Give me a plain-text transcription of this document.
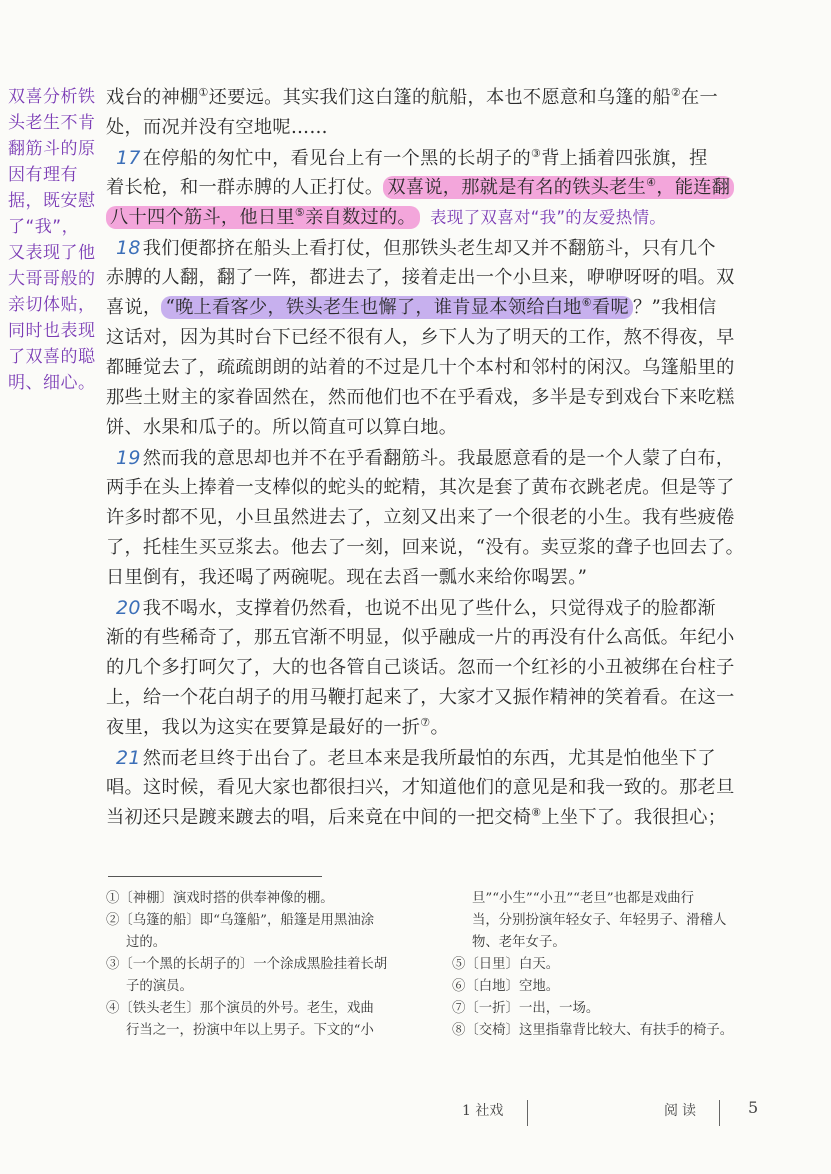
双喜分析铁
头老生不肯
翻筋斗的原
因有理有
据，既安慰
了“我”，
又表现了他
大哥哥般的
亲切体贴，
同时也表现
了双喜的聪
明、细心。
戏台的神棚①还要远。其实我们这白篷的航船，本也不愿意和乌篷的船②在一
处，而况并没有空地呢……
17 在停船的匆忙中，看见台上有一个黑的长胡子的③背上插着四张旗，捏
着长枪，和一群赤膊的人正打仗。 双喜说，那就是有名的铁头老生④，能连翻
八十四个筋斗，他日里⑤亲自数过的。 表现了双喜对“我”的友爱热情。
18 我们便都挤在船头上看打仗，但那铁头老生却又并不翻筋斗，只有几个
赤膊的人翻，翻了一阵，都进去了，接着走出一个小旦来，咿咿呀呀的唱。双
喜说， “晚上看客少，铁头老生也懈了，谁肯显本领给白地⑥看呢 ？”我相信
这话对，因为其时台下已经不很有人，乡下人为了明天的工作，熬不得夜，早
都睡觉去了，疏疏朗朗的站着的不过是几十个本村和邻村的闲汉。乌篷船里的
那些土财主的家眷固然在，然而他们也不在乎看戏，多半是专到戏台下来吃糕
饼、水果和瓜子的。所以简直可以算白地。
19 然而我的意思却也并不在乎看翻筋斗。我最愿意看的是一个人蒙了白布，
两手在头上捧着一支棒似的蛇头的蛇精，其次是套了黄布衣跳老虎。但是等了
许多时都不见，小旦虽然进去了，立刻又出来了一个很老的小生。我有些疲倦
了，托桂生买豆浆去。他去了一刻，回来说，“没有。卖豆浆的聋子也回去了。
日里倒有，我还喝了两碗呢。现在去舀一瓢水来给你喝罢。”
20 我不喝水，支撑着仍然看，也说不出见了些什么，只觉得戏子的脸都渐
渐的有些稀奇了，那五官渐不明显，似乎融成一片的再没有什么高低。年纪小
的几个多打呵欠了，大的也各管自己谈话。忽而一个红衫的小丑被绑在台柱子
上，给一个花白胡子的用马鞭打起来了，大家才又振作精神的笑着看。在这一
夜里，我以为这实在要算是最好的一折⑦。
21 然而老旦终于出台了。老旦本来是我所最怕的东西，尤其是怕他坐下了
唱。这时候，看见大家也都很扫兴，才知道他们的意见是和我一致的。那老旦
当初还只是踱来踱去的唱，后来竟在中间的一把交椅⑧上坐下了。我很担心；
①〔神棚〕演戏时搭的供奉神像的棚。
②〔乌篷的船〕即“乌篷船”，船篷是用黑油涂
过的。
③〔一个黑的长胡子的〕一个涂成黑脸挂着长胡
子的演员。
④〔铁头老生〕那个演员的外号。老生，戏曲
行当之一，扮演中年以上男子。下文的“小
旦”“小生”“小丑”“老旦”也都是戏曲行
当，分别扮演年轻女子、年轻男子、滑稽人
物、老年女子。
⑤〔日里〕白天。
⑥〔白地〕空地。
⑦〔一折〕一出，一场。
⑧〔交椅〕这里指靠背比较大、有扶手的椅子。
1 社戏	阅读	5
